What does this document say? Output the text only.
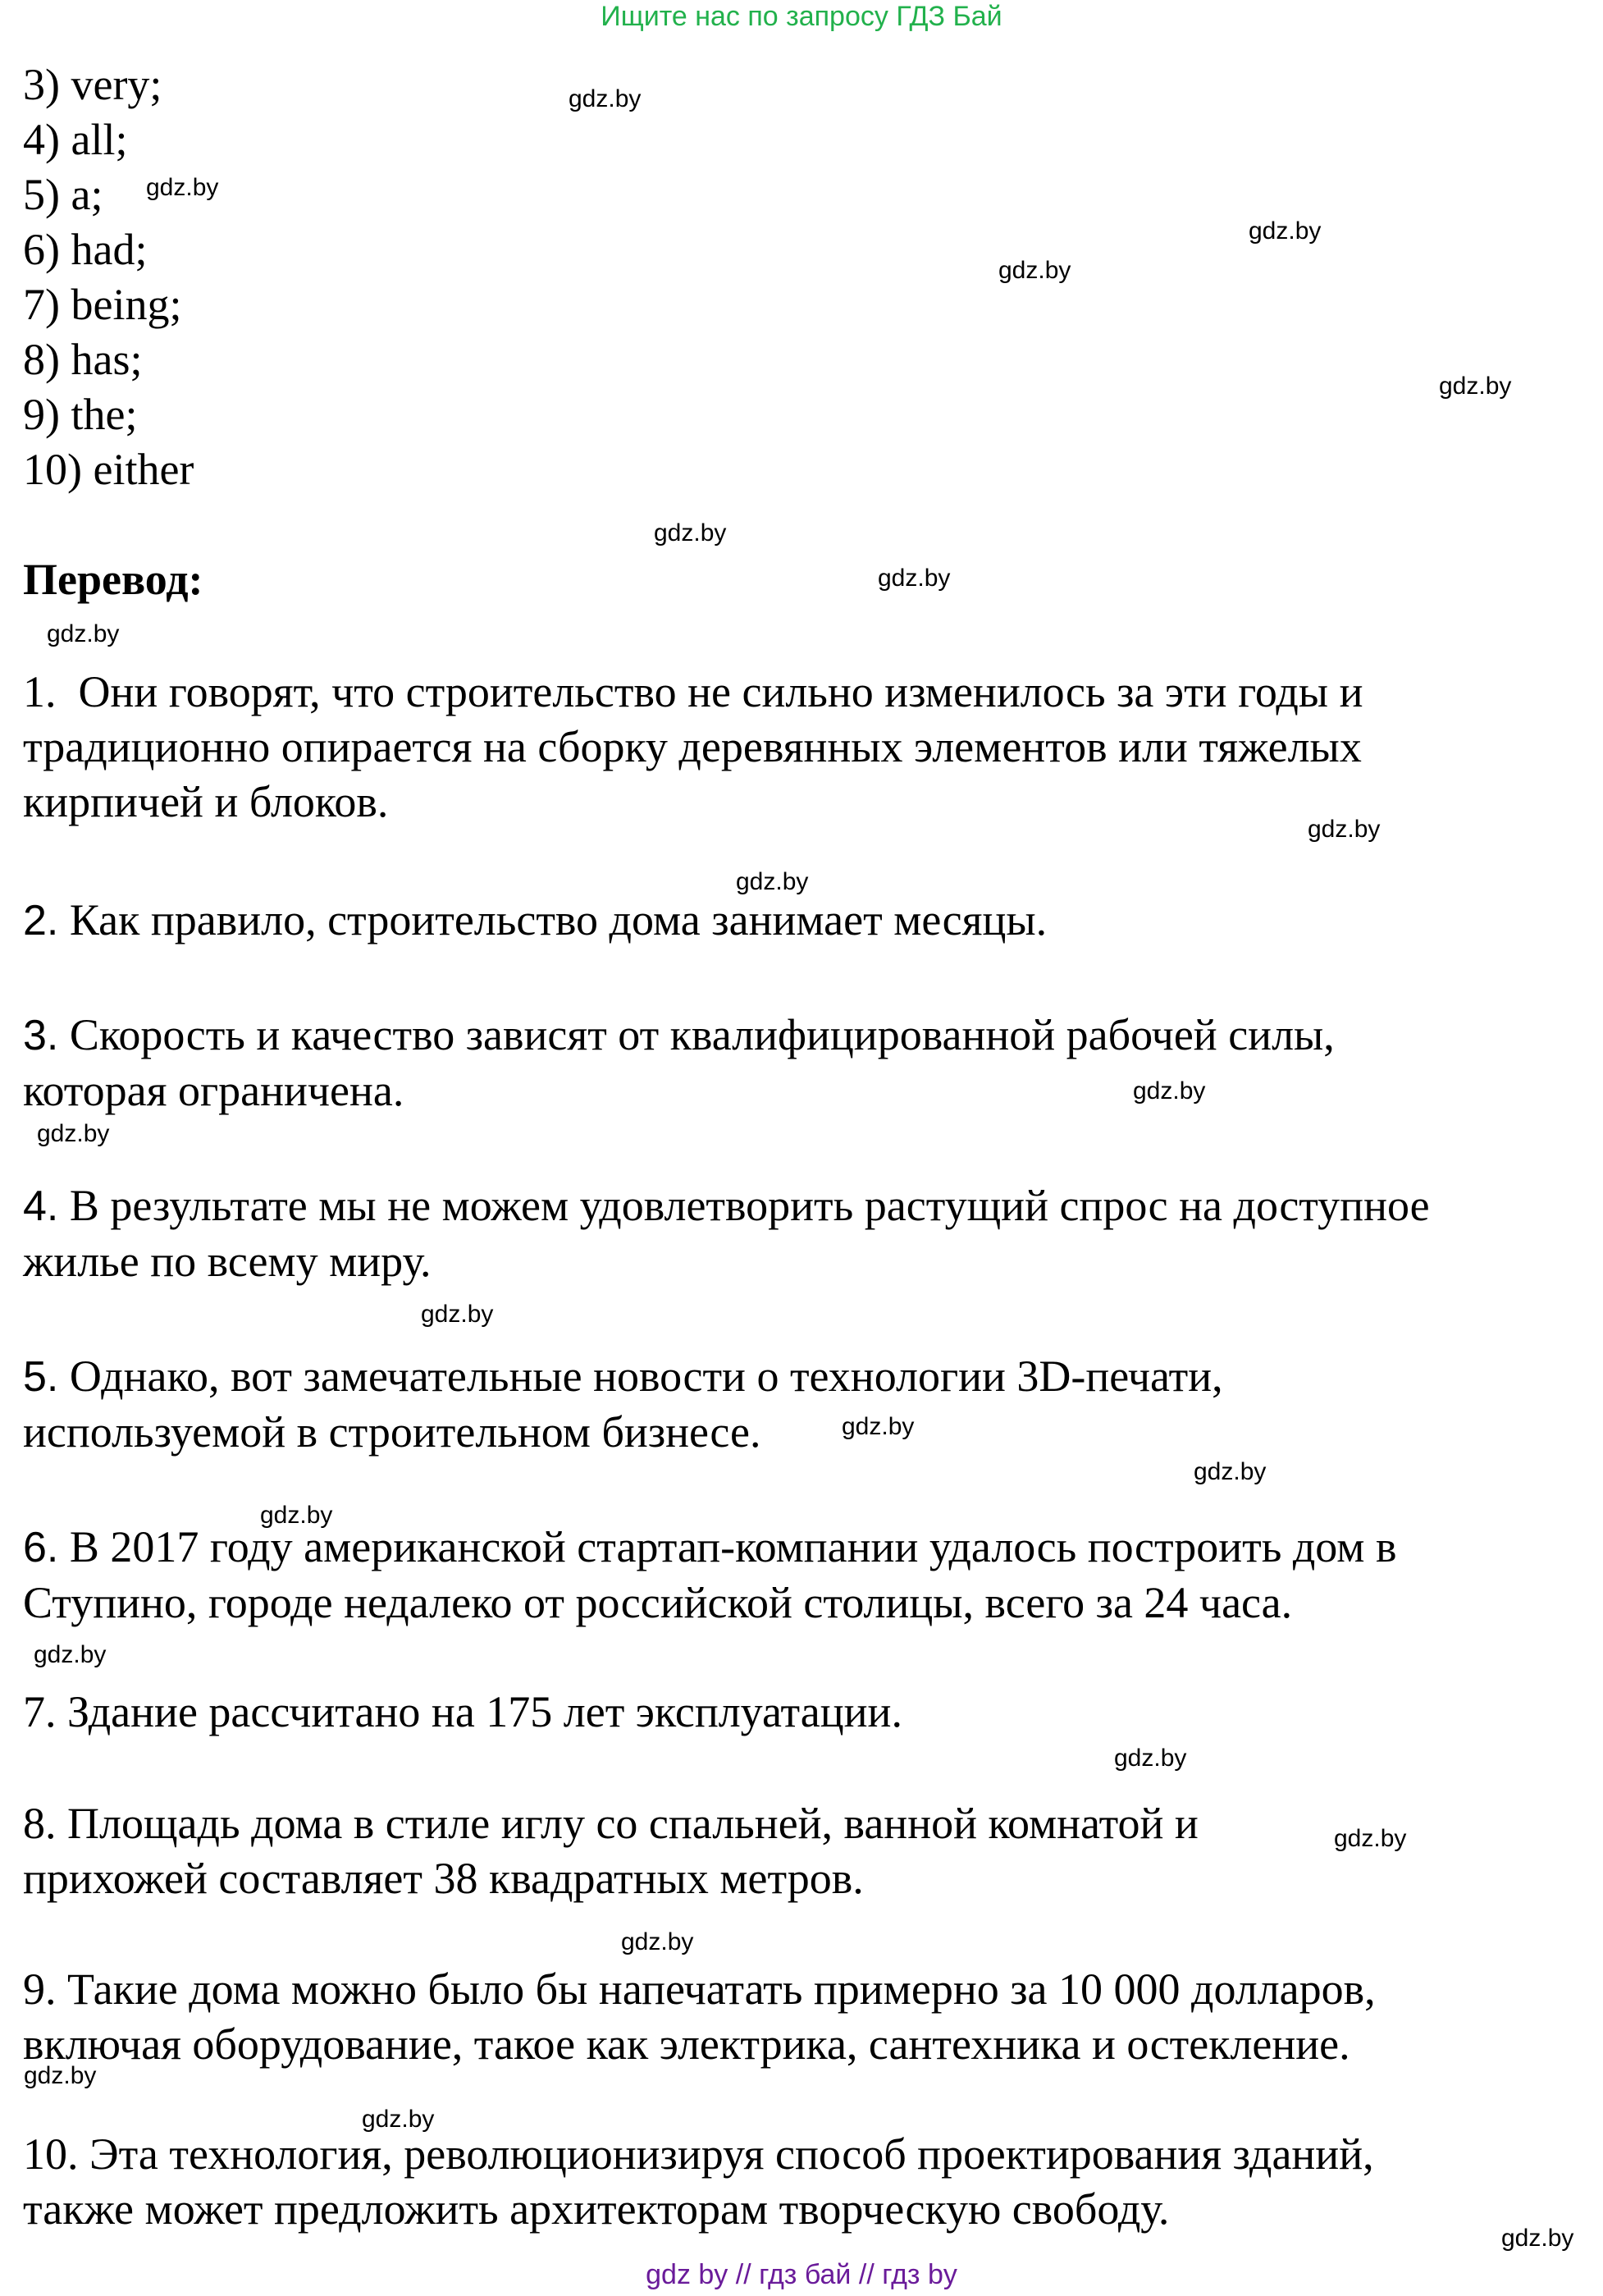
Ищите нас по запросу ГДЗ Бай
3) very;
4) all;
5) a;
6) had;
7) being;
8) has;
9) the;
10) either
Перевод:
1. Они говорят, что строительство не сильно изменилось за эти годы и
традиционно опирается на сборку деревянных элементов или тяжелых
кирпичей и блоков.
2. Как правило, строительство дома занимает месяцы.
3. Скорость и качество зависят от квалифицированной рабочей силы,
которая ограничена.
4. В результате мы не можем удовлетворить растущий спрос на доступное
жилье по всему миру.
5. Однако, вот замечательные новости о технологии 3D-печати,
используемой в строительном бизнесе.
6. В 2017 году американской стартап-компании удалось построить дом в
Ступино, городе недалеко от российской столицы, всего за 24 часа.
7. Здание рассчитано на 175 лет эксплуатации.
8. Площадь дома в стиле иглу со спальней, ванной комнатой и
прихожей составляет 38 квадратных метров.
9. Такие дома можно было бы напечатать примерно за 10 000 долларов,
включая оборудование, такое как электрика, сантехника и остекление.
10. Эта технология, революционизируя способ проектирования зданий,
также может предложить архитекторам творческую свободу.
gdz.by
gdz.by
gdz.by
gdz.by
gdz.by
gdz.by
gdz.by
gdz.by
gdz.by
gdz.by
gdz.by
gdz.by
gdz.by
gdz.by
gdz.by
gdz.by
gdz.by
gdz.by
gdz.by
gdz.by
gdz.by
gdz.by
gdz.by
gdz by // гдз бай // гдз by
